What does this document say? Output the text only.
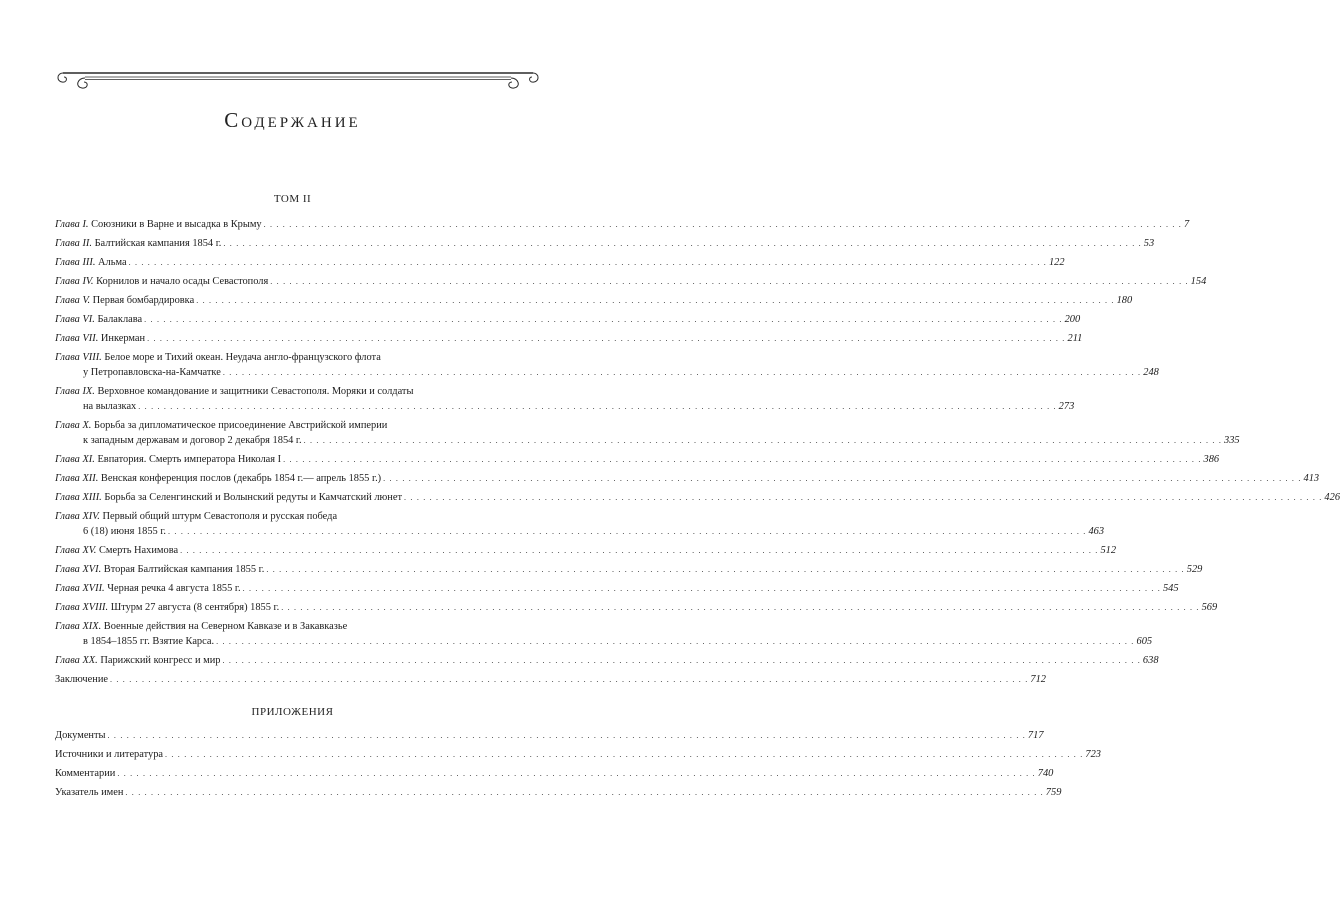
Содержание
ТОМ II
Глава I. Союзники в Варне и высадка в Крыму . . .	7
Глава II. Балтийская кампания 1854 г. . . .	53
Глава III. Альма . . .	122
Глава IV. Корнилов и начало осады Севастополя . . .	154
Глава V. Первая бомбардировка . . .	180
Глава VI. Балаклава . . .	200
Глава VII. Инкерман . . .	211
Глава VIII. Белое море и Тихий океан. Неудача англо-французского флота
у Петропавловска-на-Камчатке . . .	248
Глава IX. Верховное командование и защитники Севастополя. Моряки и солдаты
на вылазках . . .	273
Глава X. Борьба за дипломатическое присоединение Австрийской империи
к западным державам и договор 2 декабря 1854 г. . . .	335
Глава XI. Евпатория. Смерть императора Николая I . . .	386
Глава XII. Венская конференция послов (декабрь 1854 г.— апрель 1855 г.) . . .	413
Глава XIII. Борьба за Селенгинский и Волынский редуты и Камчатский люнет . . .	426
Глава XIV. Первый общий штурм Севастополя и русская победа
6 (18) июня 1855 г. . . .	463
Глава XV. Смерть Нахимова . . .	512
Глава XVI. Вторая Балтийская кампания 1855 г. . . .	529
Глава XVII. Черная речка 4 августа 1855 г. . . .	545
Глава XVIII. Штурм 27 августа (8 сентября) 1855 г. . . .	569
Глава XIX. Военные действия на Северном Кавказе и в Закавказье
в 1854–1855 гг. Взятие Карса. . . .	605
Глава XX. Парижский конгресс и мир . . .	638
Заключение . . .	712
ПРИЛОЖЕНИЯ
Документы . . .	717
Источники и литература . . .	723
Комментарии . . .	740
Указатель имен . . .	759
